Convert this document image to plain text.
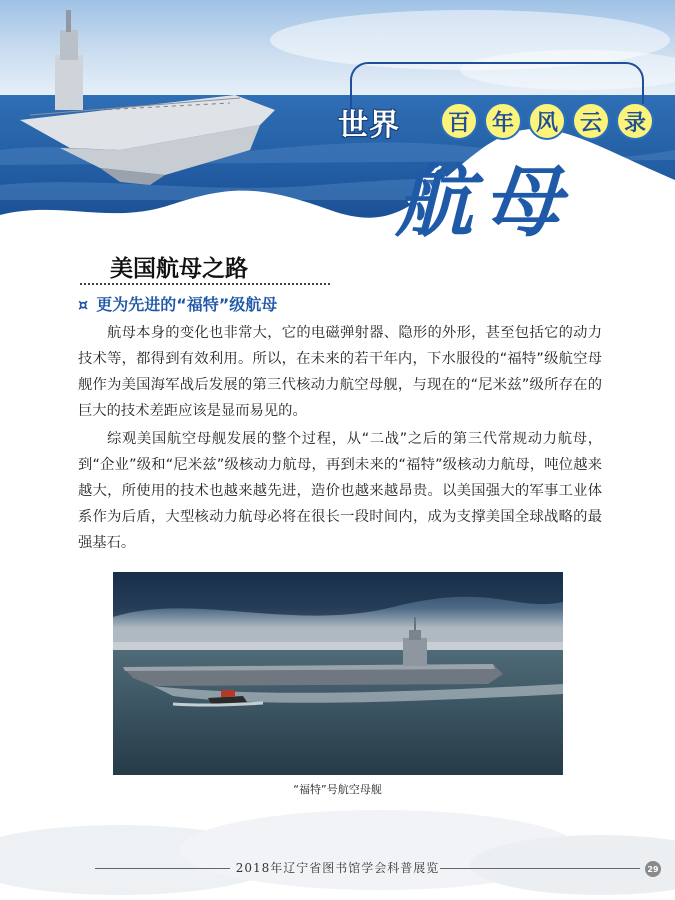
世界	百 年 风 云 录
航母
美国航母之路
¤ 更为先进的“福特”级航母

航母本身的变化也非常大，它的电磁弹射器、隐形的外形，甚至包括它的动力技术等，都得到有效利用。所以，在未来的若干年内，下水服役的“福特”级航空母舰作为美国海军战后发展的第三代核动力航空母舰，与现在的“尼米兹”级所存在的巨大的技术差距应该是显而易见的。

综观美国航空母舰发展的整个过程，从“二战”之后的第三代常规动力航母，到“企业”级和“尼米兹”级核动力航母，再到未来的“福特”级核动力航母，吨位越来越大，所使用的技术也越来越先进，造价也越来越昂贵。以美国强大的军事工业体系作为后盾，大型核动力航母必将在很长一段时间内，成为支撑美国全球战略的最强基石。

“福特”号航空母舰
2018年辽宁省图书馆学会科普展览	29
